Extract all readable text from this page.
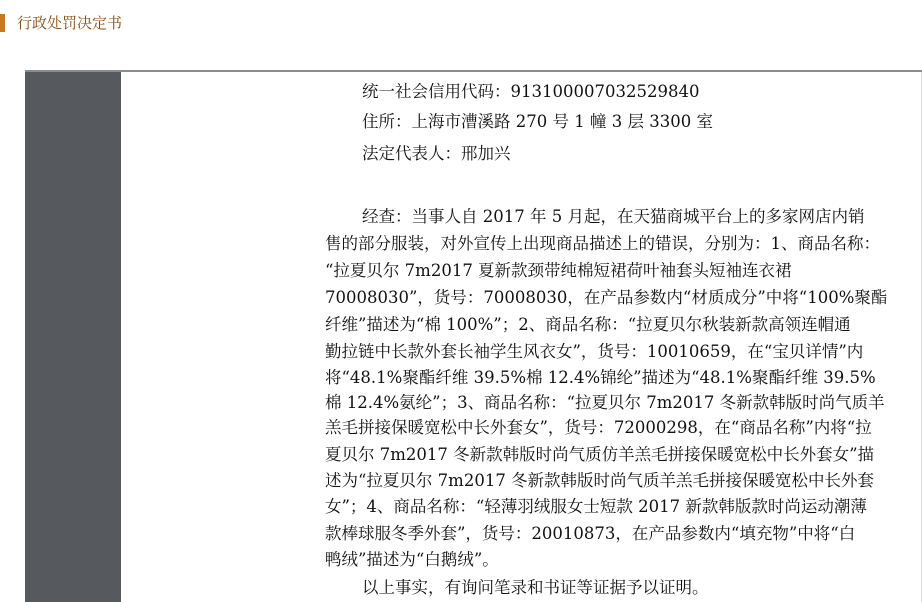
行政处罚决定书
统一社会信用代码：913100007032529840
住所：上海市漕溪路 270 号 1 幢 3 层 3300 室
法定代表人：邢加兴
经查：当事人自 2017 年 5 月起，在天猫商城平台上的多家网店内销
售的部分服装，对外宣传上出现商品描述上的错误，分别为：1、商品名称：
“拉夏贝尔 7m2017 夏新款颈带纯棉短裙荷叶袖套头短袖连衣裙
70008030”，货号：70008030，在产品参数内“材质成分”中将“100%聚酯
纤维”描述为“棉 100%”；2、商品名称：“拉夏贝尔秋装新款高领连帽通
勤拉链中长款外套长袖学生风衣女”，货号：10010659，在“宝贝详情”内
将“48.1%聚酯纤维 39.5%棉 12.4%锦纶”描述为“48.1%聚酯纤维 39.5%
棉 12.4%氨纶”；3、商品名称：“拉夏贝尔 7m2017 冬新款韩版时尚气质羊
羔毛拼接保暖宽松中长外套女”，货号：72000298，在“商品名称”内将“拉
夏贝尔 7m2017 冬新款韩版时尚气质仿羊羔毛拼接保暖宽松中长外套女”描
述为“拉夏贝尔 7m2017 冬新款韩版时尚气质羊羔毛拼接保暖宽松中长外套
女”；4、商品名称：“轻薄羽绒服女士短款 2017 新款韩版款时尚运动潮薄
款棒球服冬季外套”，货号：20010873，在产品参数内“填充物”中将“白
鸭绒”描述为“白鹅绒”。
以上事实，有询问笔录和书证等证据予以证明。
